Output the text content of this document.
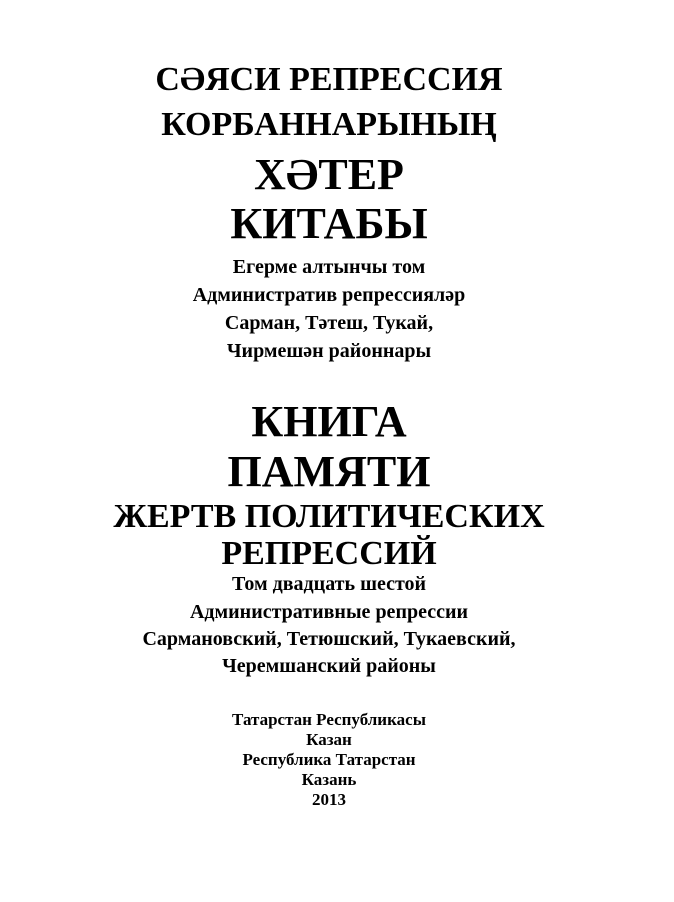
СӘЯСИ РЕПРЕССИЯ
КОРБАННАРЫНЫҢ
ХӘТЕР
КИТАБЫ
Егерме алтынчы том
Административ репрессияләр
Сарман, Тәтеш, Тукай,
Чирмешән районнары
КНИГА
ПАМЯТИ
ЖЕРТВ ПОЛИТИЧЕСКИХ
РЕПРЕССИЙ
Том двадцать шестой
Административные репрессии
Сармановский, Тетюшский, Тукаевский,
Черемшанский районы
Татарстан Республикасы
Казан
Республика Татарстан
Казань
2013
